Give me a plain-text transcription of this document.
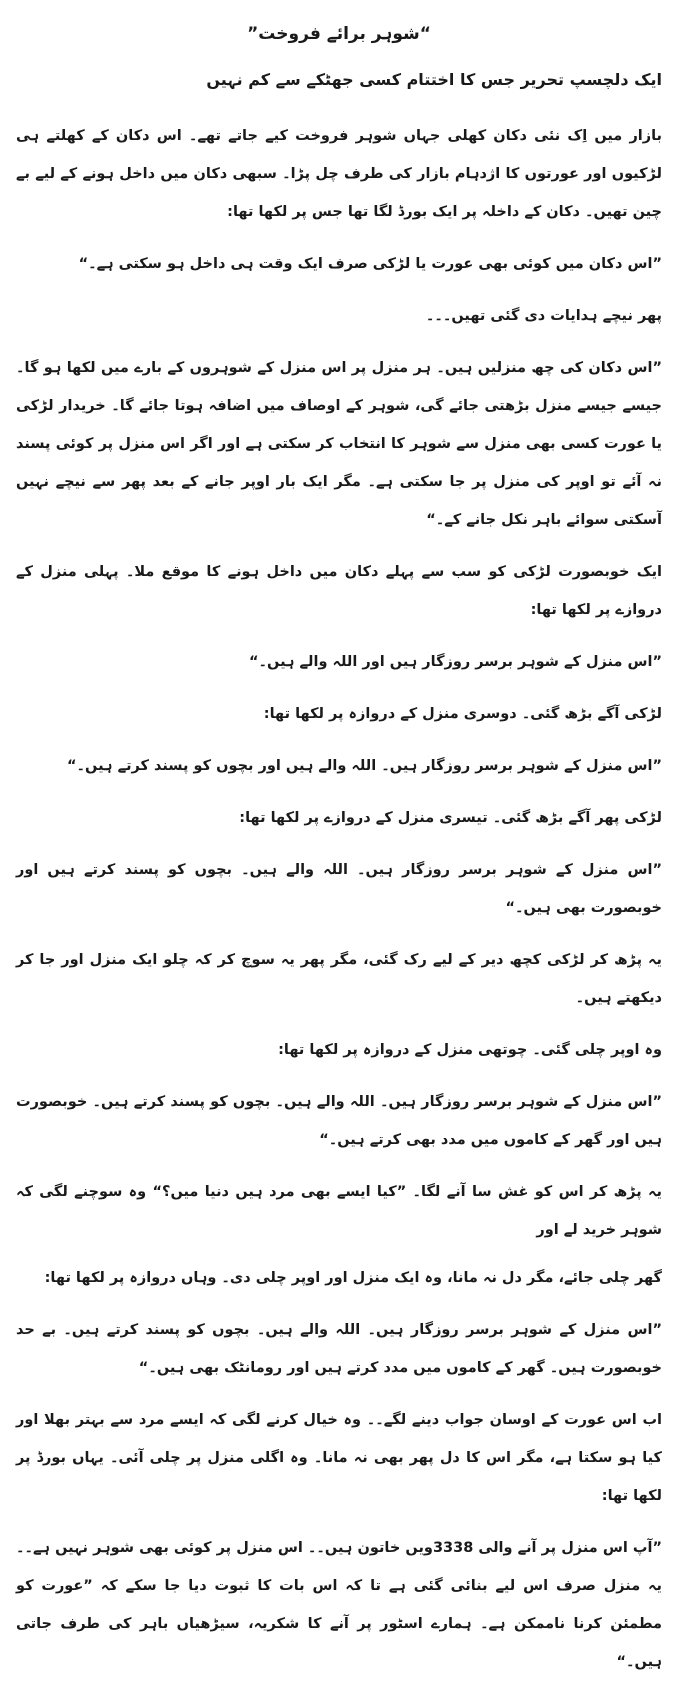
“شوہر برائے فروخت”
ایک دلچسپ تحریر جس کا اختتام کسی جھٹکے سے کم نہیں

بازار میں اِک نئی دکان کھلی جہاں شوہر فروخت کیے جاتے تھے۔ اس دکان کے کھلتے ہی لڑکیوں اور عورتوں کا اژدہام بازار کی طرف چل پڑا۔ سبھی دکان میں داخل ہونے کے لیے بے چین تھیں۔ دکان کے داخلہ پر ایک بورڈ لگا تھا جس پر لکھا تھا:

”اس دکان میں کوئی بھی عورت یا لڑکی صرف ایک وقت ہی داخل ہو سکتی ہے۔“

پھر نیچے ہدایات دی گئی تھیں۔۔۔

”اس دکان کی چھ منزلیں ہیں۔ ہر منزل پر اس منزل کے شوہروں کے بارے میں لکھا ہو گا۔ جیسے جیسے منزل بڑھتی جائے گی، شوہر کے اوصاف میں اضافہ ہوتا جائے گا۔ خریدار لڑکی یا عورت کسی بھی منزل سے شوہر کا انتخاب کر سکتی ہے اور اگر اس منزل پر کوئی پسند نہ آئے تو اوپر کی منزل پر جا سکتی ہے۔ مگر ایک بار اوپر جانے کے بعد پھر سے نیچے نہیں آسکتی سوائے باہر نکل جانے کے۔“

ایک خوبصورت لڑکی کو سب سے پہلے دکان میں داخل ہونے کا موقع ملا۔ پہلی منزل کے دروازے پر لکھا تھا:

”اس منزل کے شوہر برسر روزگار ہیں اور اللہ والے ہیں۔“

لڑکی آگے بڑھ گئی۔ دوسری منزل کے دروازہ پر لکھا تھا:

”اس منزل کے شوہر برسر روزگار ہیں۔ اللہ والے ہیں اور بچوں کو پسند کرتے ہیں۔“

لڑکی پھر آگے بڑھ گئی۔ تیسری منزل کے دروازے پر لکھا تھا:

”اس منزل کے شوہر برسر روزگار ہیں۔ اللہ والے ہیں۔ بچوں کو پسند کرتے ہیں اور خوبصورت بھی ہیں۔“

یہ پڑھ کر لڑکی کچھ دیر کے لیے رک گئی، مگر پھر یہ سوچ کر کہ چلو ایک منزل اور جا کر دیکھتے ہیں۔

وہ اوپر چلی گئی۔ چوتھی منزل کے دروازہ پر لکھا تھا:

”اس منزل کے شوہر برسر روزگار ہیں۔ اللہ والے ہیں۔ بچوں کو پسند کرتے ہیں۔ خوبصورت ہیں اور گھر کے کاموں میں مدد بھی کرتے ہیں۔“

یہ پڑھ کر اس کو غش سا آنے لگا۔ ”کیا ایسے بھی مرد ہیں دنیا میں؟“ وہ سوچنے لگی کہ شوہر خرید لے اور

گھر چلی جائے، مگر دل نہ مانا، وہ ایک منزل اور اوپر چلی دی۔ وہاں دروازہ پر لکھا تھا:

”اس منزل کے شوہر برسر روزگار ہیں۔ اللہ والے ہیں۔ بچوں کو پسند کرتے ہیں۔ بے حد خوبصورت ہیں۔ گھر کے کاموں میں مدد کرتے ہیں اور رومانٹک بھی ہیں۔“

اب اس عورت کے اوسان جواب دینے لگے۔۔ وہ خیال کرنے لگی کہ ایسے مرد سے بہتر بھلا اور کیا ہو سکتا ہے، مگر اس کا دل پھر بھی نہ مانا۔ وہ اگلی منزل پر چلی آئی۔ یہاں بورڈ پر لکھا تھا:

”آپ اس منزل پر آنے والی 3338ویں خاتون ہیں۔۔ اس منزل پر کوئی بھی شوہر نہیں ہے۔۔ یہ منزل صرف اس لیے بنائی گئی ہے تا کہ اس بات کا ثبوت دیا جا سکے کہ ”عورت کو مطمئن کرنا ناممکن ہے۔ ہمارے اسٹور پر آنے کا شکریہ، سیڑھیاں باہر کی طرف جاتی ہیں۔“
